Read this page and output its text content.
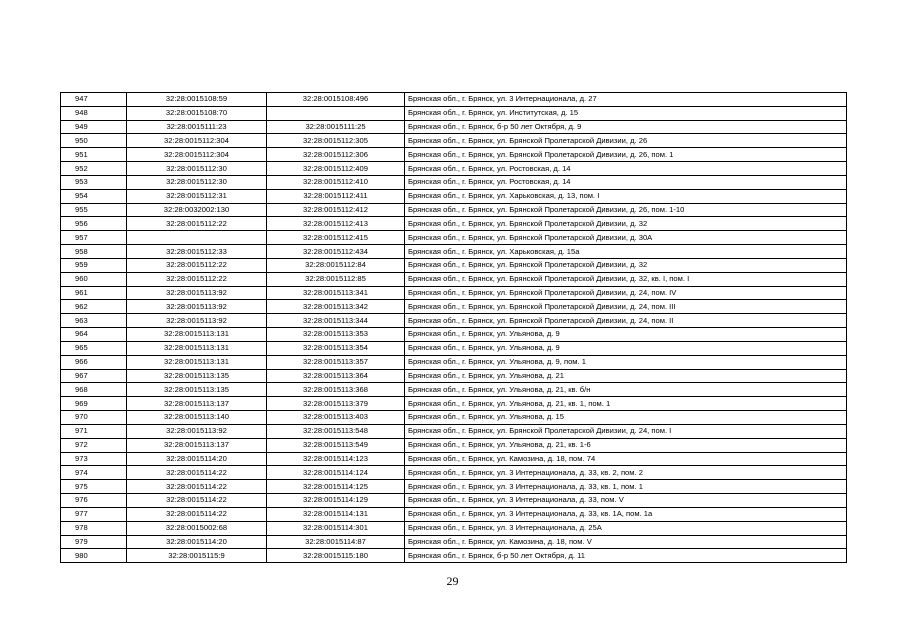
947	32:28:0015108:59	32:28:0015108:496	Брянская обл., г. Брянск, ул. 3 Интернационала, д. 27
948	32:28:0015108:70		Брянская обл., г. Брянск, ул. Институтская, д. 15
949	32:28:0015111:23	32:28:0015111:25	Брянская обл., г. Брянск, б-р 50 лет Октября, д. 9
950	32:28:0015112:304	32:28:0015112:305	Брянская обл., г. Брянск, ул. Брянской Пролетарской Дивизии, д. 26
951	32:28:0015112:304	32:28:0015112:306	Брянская обл., г. Брянск, ул. Брянской Пролетарской Дивизии, д. 26, пом. 1
952	32:28:0015112:30	32:28:0015112:409	Брянская обл., г. Брянск, ул. Ростовская, д. 14
953	32:28:0015112:30	32:28:0015112:410	Брянская обл., г. Брянск, ул. Ростовская, д. 14
954	32:28:0015112:31	32:28:0015112:411	Брянская обл., г. Брянск, ул. Харьковская, д. 13, пом. I
955	32:28:0032002:130	32:28:0015112:412	Брянская обл., г. Брянск, ул. Брянской Пролетарской Дивизии, д. 26, пом. 1-10
956	32:28:0015112:22	32:28:0015112:413	Брянская обл., г. Брянск, ул. Брянской Пролетарской Дивизии, д. 32
957		32:28:0015112:415	Брянская обл., г. Брянск, ул. Брянской Пролетарской Дивизии, д. 30А
958	32:28:0015112:33	32:28:0015112:434	Брянская обл., г. Брянск, ул. Харьковская, д. 15а
959	32:28:0015112:22	32:28:0015112:84	Брянская обл., г. Брянск, ул. Брянской Пролетарской Дивизии, д. 32
960	32:28:0015112:22	32:28:0015112:85	Брянская обл., г. Брянск, ул. Брянской Пролетарской Дивизии, д. 32, кв. I, пом. I
961	32:28:0015113:92	32:28:0015113:341	Брянская обл., г. Брянск, ул. Брянской Пролетарской Дивизии, д. 24, пом. IV
962	32:28:0015113:92	32:28:0015113:342	Брянская обл., г. Брянск, ул. Брянской Пролетарской Дивизии, д. 24, пом. III
963	32:28:0015113:92	32:28:0015113:344	Брянская обл., г. Брянск, ул. Брянской Пролетарской Дивизии, д. 24, пом. II
964	32:28:0015113:131	32:28:0015113:353	Брянская обл., г. Брянск, ул. Ульянова, д. 9
965	32:28:0015113:131	32:28:0015113:354	Брянская обл., г. Брянск, ул. Ульянова, д. 9
966	32:28:0015113:131	32:28:0015113:357	Брянская обл., г. Брянск, ул. Ульянова, д. 9, пом. 1
967	32:28:0015113:135	32:28:0015113:364	Брянская обл., г. Брянск, ул. Ульянова, д. 21
968	32:28:0015113:135	32:28:0015113:368	Брянская обл., г. Брянск, ул. Ульянова, д. 21, кв. б/н
969	32:28:0015113:137	32:28:0015113:379	Брянская обл., г. Брянск, ул. Ульянова, д. 21, кв. 1, пом. 1
970	32:28:0015113:140	32:28:0015113:403	Брянская обл., г. Брянск, ул. Ульянова, д. 15
971	32:28:0015113:92	32:28:0015113:548	Брянская обл., г. Брянск, ул. Брянской Пролетарской Дивизии, д. 24, пом. I
972	32:28:0015113:137	32:28:0015113:549	Брянская обл., г. Брянск, ул. Ульянова, д. 21, кв. 1-6
973	32:28:0015114:20	32:28:0015114:123	Брянская обл., г. Брянск, ул. Камозина, д. 18, пом. 74
974	32:28:0015114:22	32:28:0015114:124	Брянская обл., г. Брянск, ул. 3 Интернационала, д. 33, кв. 2, пом. 2
975	32:28:0015114:22	32:28:0015114:125	Брянская обл., г. Брянск, ул. 3 Интернационала, д. 33, кв. 1, пом. 1
976	32:28:0015114:22	32:28:0015114:129	Брянская обл., г. Брянск, ул. 3 Интернационала, д. 33, пом. V
977	32:28:0015114:22	32:28:0015114:131	Брянская обл., г. Брянск, ул. 3 Интернационала, д. 33, кв. 1А, пом. 1а
978	32:28:0015002:68	32:28:0015114:301	Брянская обл., г. Брянск, ул. 3 Интернационала, д. 25А
979	32:28:0015114:20	32:28:0015114:87	Брянская обл., г. Брянск, ул. Камозина, д. 18, пом. V
980	32:28:0015115:9	32:28:0015115:180	Брянская обл., г. Брянск, б-р 50 лет Октября, д. 11
29
